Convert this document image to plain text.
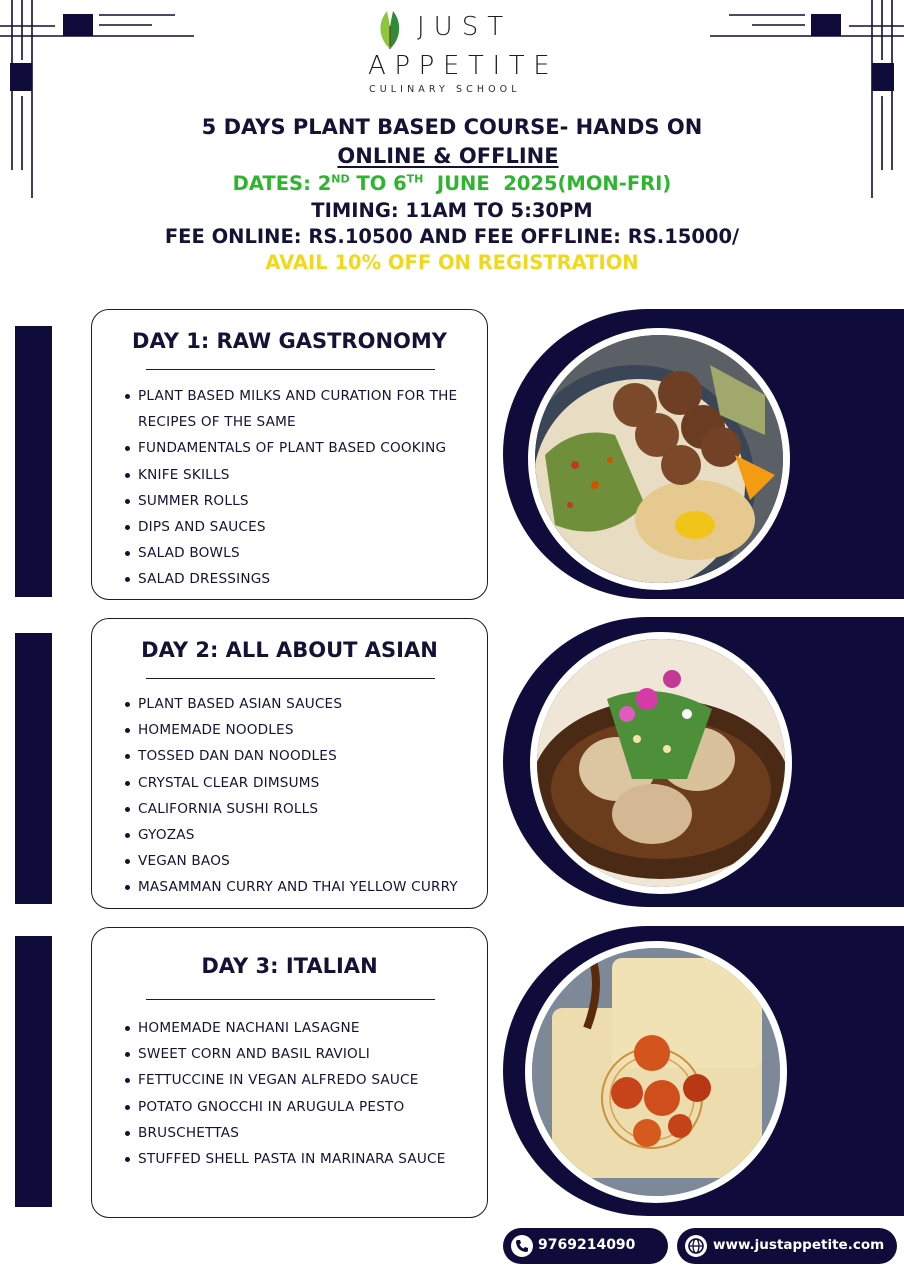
JUST
APPETITE
CULINARY SCHOOL
5 DAYS PLANT BASED COURSE- HANDS ON
ONLINE & OFFLINE
DATES: 2ND TO 6TH  JUNE  2025(MON-FRI)
TIMING: 11AM TO 5:30PM
FEE ONLINE: RS.10500 AND FEE OFFLINE: RS.15000/
AVAIL 10% OFF ON REGISTRATION
DAY 1: RAW GASTRONOMY
PLANT BASED MILKS AND CURATION FOR THE RECIPES OF THE SAME
FUNDAMENTALS OF PLANT BASED COOKING
KNIFE SKILLS
SUMMER ROLLS
DIPS AND SAUCES
SALAD BOWLS
SALAD DRESSINGS
DAY 2: ALL ABOUT ASIAN
PLANT BASED ASIAN SAUCES
HOMEMADE NOODLES
TOSSED DAN DAN NOODLES
CRYSTAL CLEAR DIMSUMS
CALIFORNIA SUSHI ROLLS
GYOZAS
VEGAN BAOS
MASAMMAN CURRY AND THAI YELLOW CURRY
DAY 3: ITALIAN
HOMEMADE NACHANI LASAGNE
SWEET CORN AND BASIL RAVIOLI
FETTUCCINE IN VEGAN ALFREDO SAUCE
POTATO GNOCCHI IN ARUGULA PESTO
BRUSCHETTAS
STUFFED SHELL PASTA IN MARINARA SAUCE
9769214090	www.justappetite.com
